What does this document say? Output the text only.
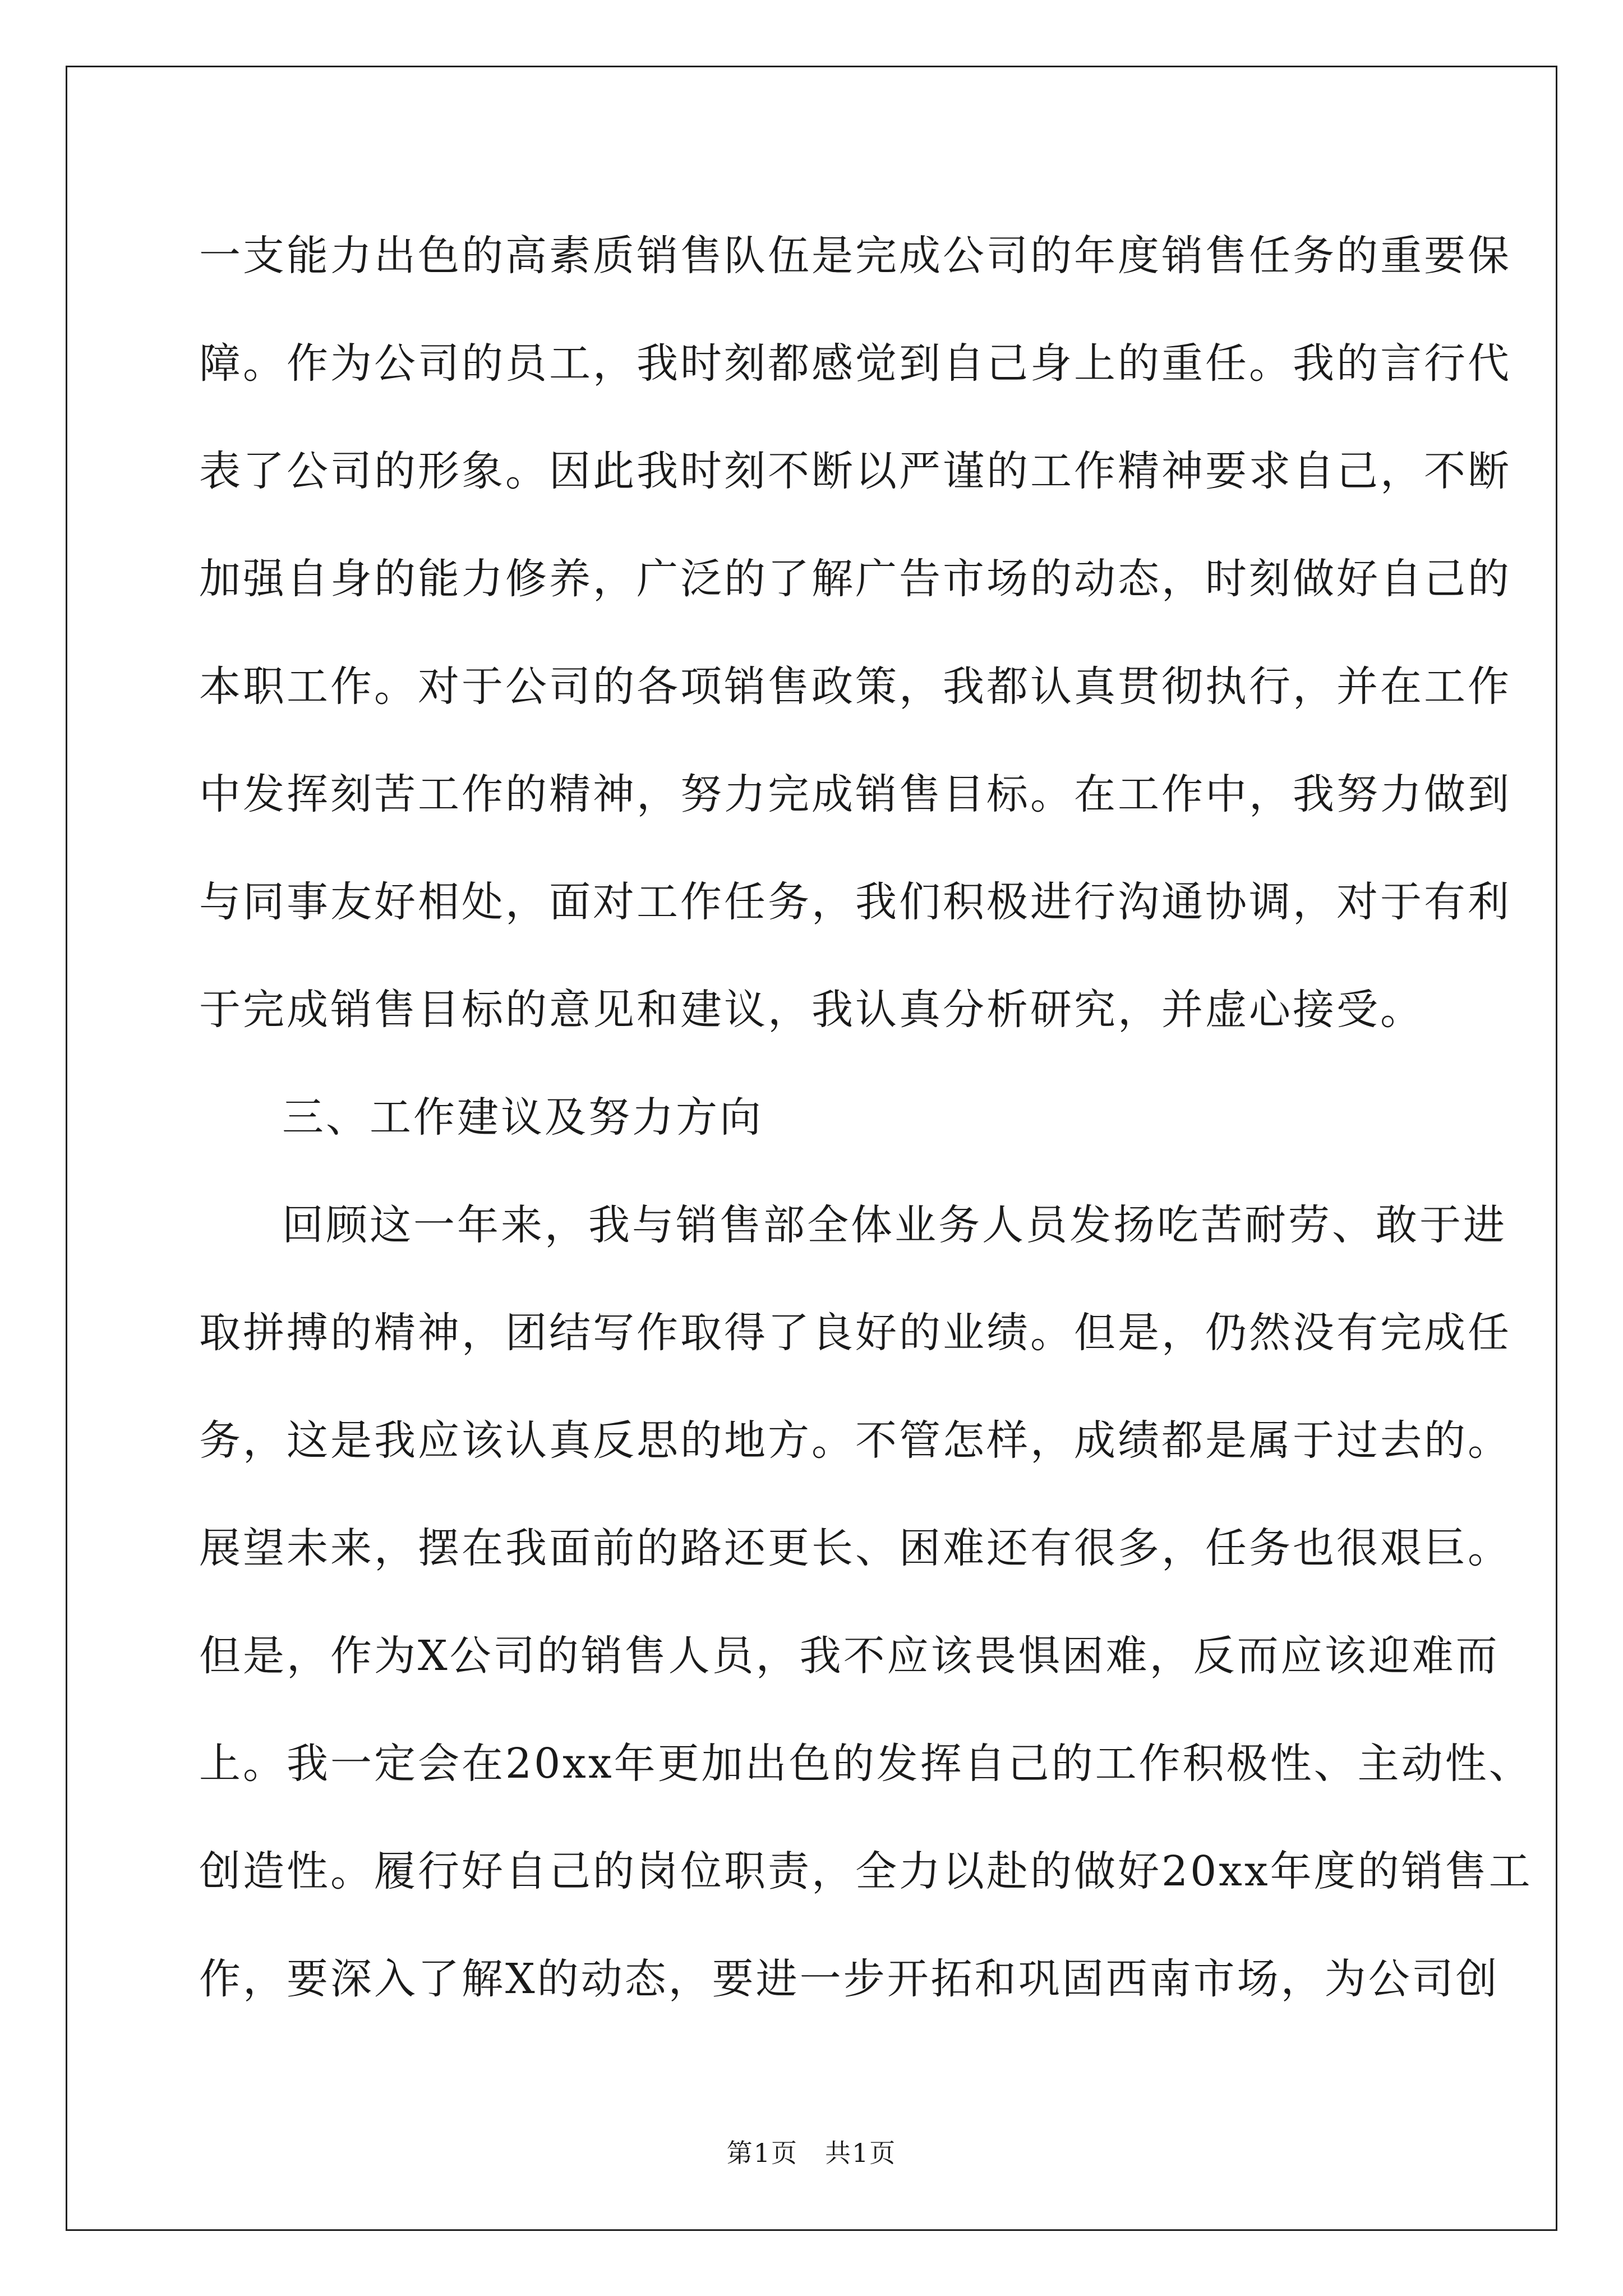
一支能力出色的高素质销售队伍是完成公司的年度销售任务的重要保
障。作为公司的员工，我时刻都感觉到自己身上的重任。我的言行代
表了公司的形象。因此我时刻不断以严谨的工作精神要求自己，不断
加强自身的能力修养，广泛的了解广告市场的动态，时刻做好自己的
本职工作。对于公司的各项销售政策，我都认真贯彻执行，并在工作
中发挥刻苦工作的精神，努力完成销售目标。在工作中，我努力做到
与同事友好相处，面对工作任务，我们积极进行沟通协调，对于有利
于完成销售目标的意见和建议，我认真分析研究，并虚心接受。
三、工作建议及努力方向
回顾这一年来，我与销售部全体业务人员发扬吃苦耐劳、敢于进
取拼搏的精神，团结写作取得了良好的业绩。但是，仍然没有完成任
务，这是我应该认真反思的地方。不管怎样，成绩都是属于过去的。
展望未来，摆在我面前的路还更长、困难还有很多，任务也很艰巨。
但是，作为X公司的销售人员，我不应该畏惧困难，反而应该迎难而
上。我一定会在20xx年更加出色的发挥自己的工作积极性、主动性、
创造性。履行好自己的岗位职责，全力以赴的做好20xx年度的销售工
作，要深入了解X的动态，要进一步开拓和巩固西南市场，为公司创
第1页　共1页
